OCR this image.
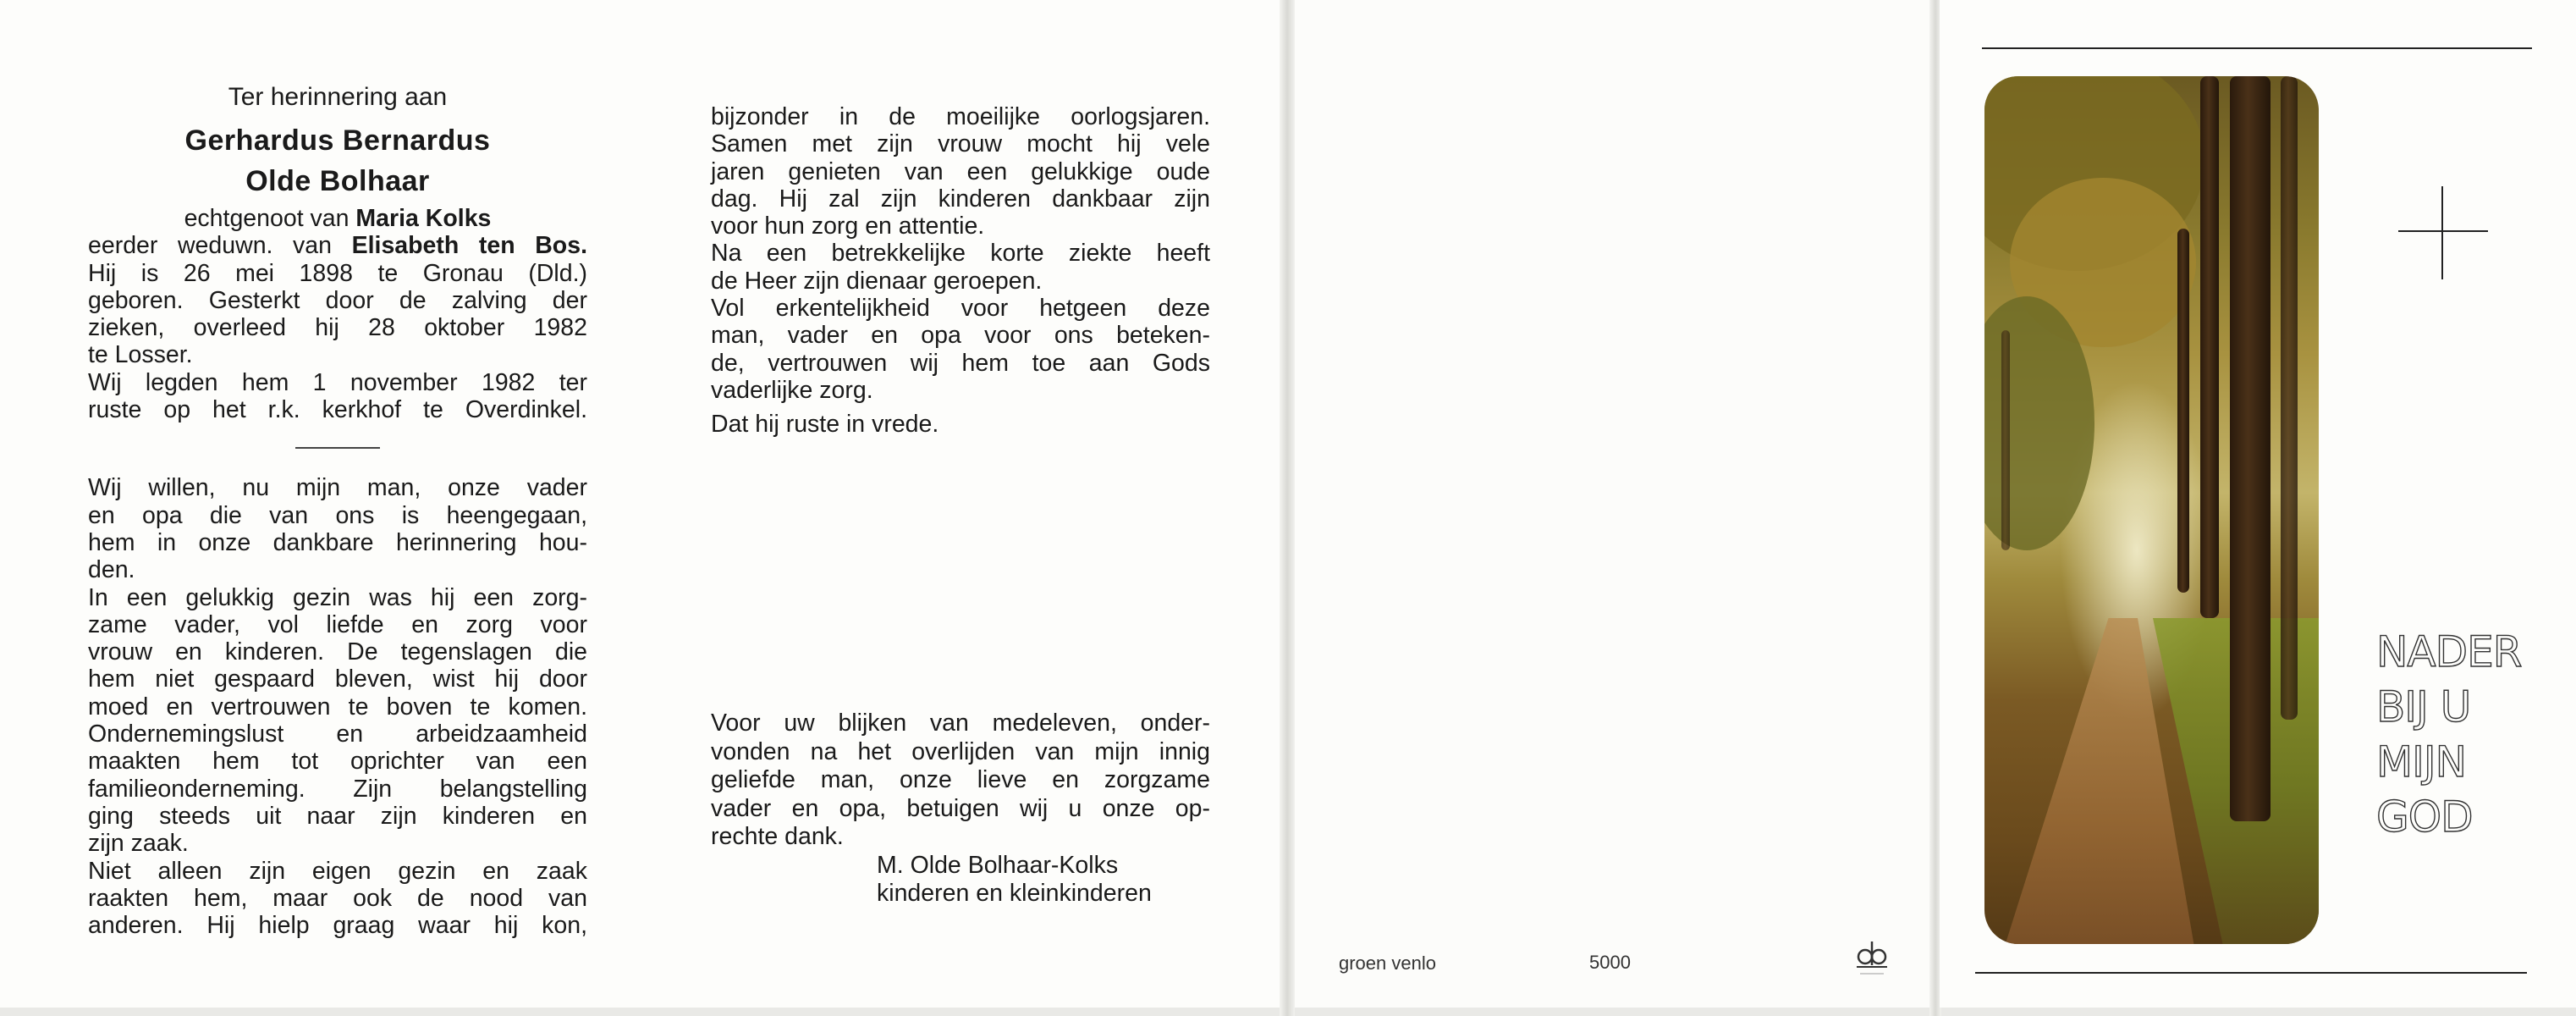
Ter herinnering aan
Gerhardus Bernardus
Olde Bolhaar
echtgenoot van Maria Kolks
eerder weduwn. van Elisabeth ten Bos.
Hij is 26 mei 1898 te Gronau (Dld.)
geboren. Gesterkt door de zalving der
zieken, overleed hij 28 oktober 1982
te Losser.
Wij legden hem 1 november 1982 ter
ruste op het r.k. kerkhof te Overdinkel.
Wij willen, nu mijn man, onze vader
en opa die van ons is heengegaan,
hem in onze dankbare herinnering hou-
den.
In een gelukkig gezin was hij een zorg-
zame vader, vol liefde en zorg voor
vrouw en kinderen. De tegenslagen die
hem niet gespaard bleven, wist hij door
moed en vertrouwen te boven te komen.
Ondernemingslust en arbeidzaamheid
maakten hem tot oprichter van een
familieonderneming. Zijn belangstelling
ging steeds uit naar zijn kinderen en
zijn zaak.
Niet alleen zijn eigen gezin en zaak
raakten hem, maar ook de nood van
anderen. Hij hielp graag waar hij kon,
bijzonder in de moeilijke oorlogsjaren.
Samen met zijn vrouw mocht hij vele
jaren genieten van een gelukkige oude
dag. Hij zal zijn kinderen dankbaar zijn
voor hun zorg en attentie.
Na een betrekkelijke korte ziekte heeft
de Heer zijn dienaar geroepen.
Vol erkentelijkheid voor hetgeen deze
man, vader en opa voor ons beteken-
de, vertrouwen wij hem toe aan Gods
vaderlijke zorg.
Dat hij ruste in vrede.
Voor uw blijken van medeleven, onder-
vonden na het overlijden van mijn innig
geliefde man, onze lieve en zorgzame
vader en opa, betuigen wij u onze op-
rechte dank.
M. Olde Bolhaar-Kolks
kinderen en kleinkinderen
groen venlo	5000
NADER
BIJ U
MIJN
GOD
